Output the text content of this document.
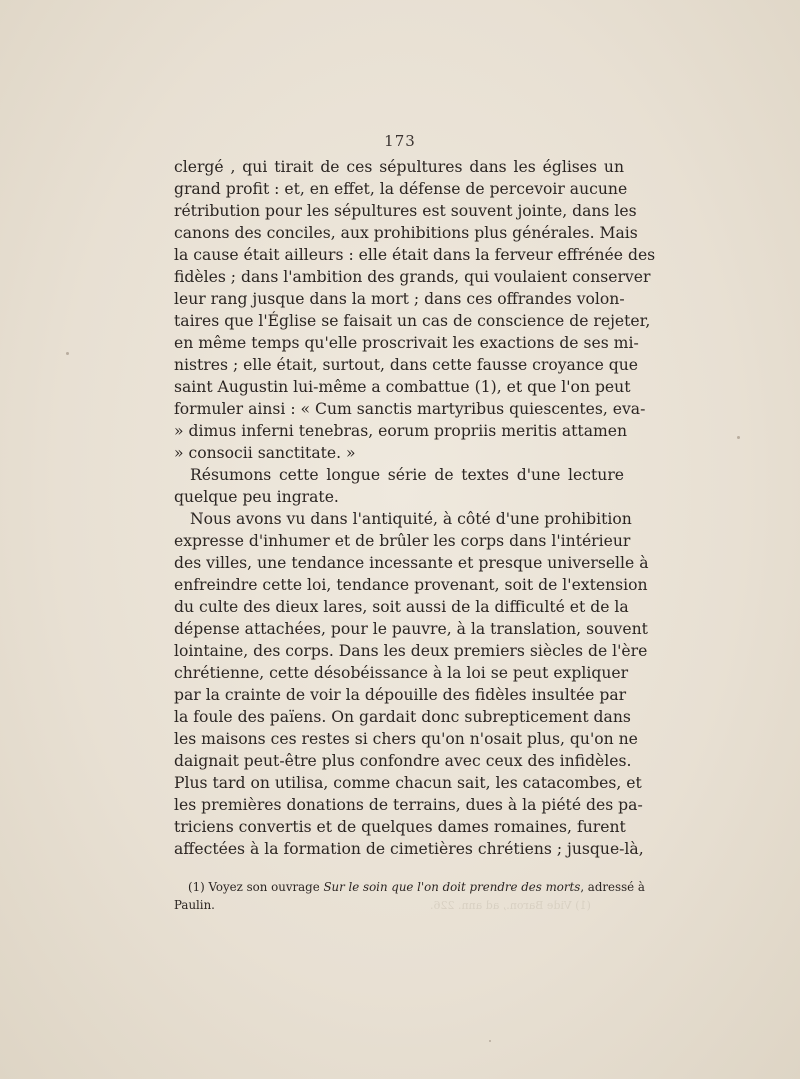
173
clergé , qui tirait de ces sépultures dans les églises un
grand profit : et, en effet, la défense de percevoir aucune
rétribution pour les sépultures est souvent jointe, dans les
canons des conciles, aux prohibitions plus générales. Mais
la cause était ailleurs : elle était dans la ferveur effrénée des
fidèles ; dans l'ambition des grands, qui voulaient conserver
leur rang jusque dans la mort ; dans ces offrandes volon-
taires que l'Église se faisait un cas de conscience de rejeter,
en même temps qu'elle proscrivait les exactions de ses mi-
nistres ; elle était, surtout, dans cette fausse croyance que
saint Augustin lui-même a combattue (1), et que l'on peut
formuler ainsi : « Cum sanctis martyribus quiescentes, eva-
» dimus inferni tenebras, eorum propriis meritis attamen
» consocii sanctitate. »
Résumons cette longue série de textes d'une lecture
quelque peu ingrate.
Nous avons vu dans l'antiquité, à côté d'une prohibition
expresse d'inhumer et de brûler les corps dans l'intérieur
des villes, une tendance incessante et presque universelle à
enfreindre cette loi, tendance provenant, soit de l'extension
du culte des dieux lares, soit aussi de la difficulté et de la
dépense attachées, pour le pauvre, à la translation, souvent
lointaine, des corps. Dans les deux premiers siècles de l'ère
chrétienne, cette désobéissance à la loi se peut expliquer
par la crainte de voir la dépouille des fidèles insultée par
la foule des païens. On gardait donc subrepticement dans
les maisons ces restes si chers qu'on n'osait plus, qu'on ne
daignait peut-être plus confondre avec ceux des infidèles.
Plus tard on utilisa, comme chacun sait, les catacombes, et
les premières donations de terrains, dues à la piété des pa-
triciens convertis et de quelques dames romaines, furent
affectées à la formation de cimetières chrétiens ; jusque-là,
(1) Voyez son ouvrage Sur le soin que l'on doit prendre des morts, adressé à
Paulin.	(1) Vide Baron., ad ann. 226.
